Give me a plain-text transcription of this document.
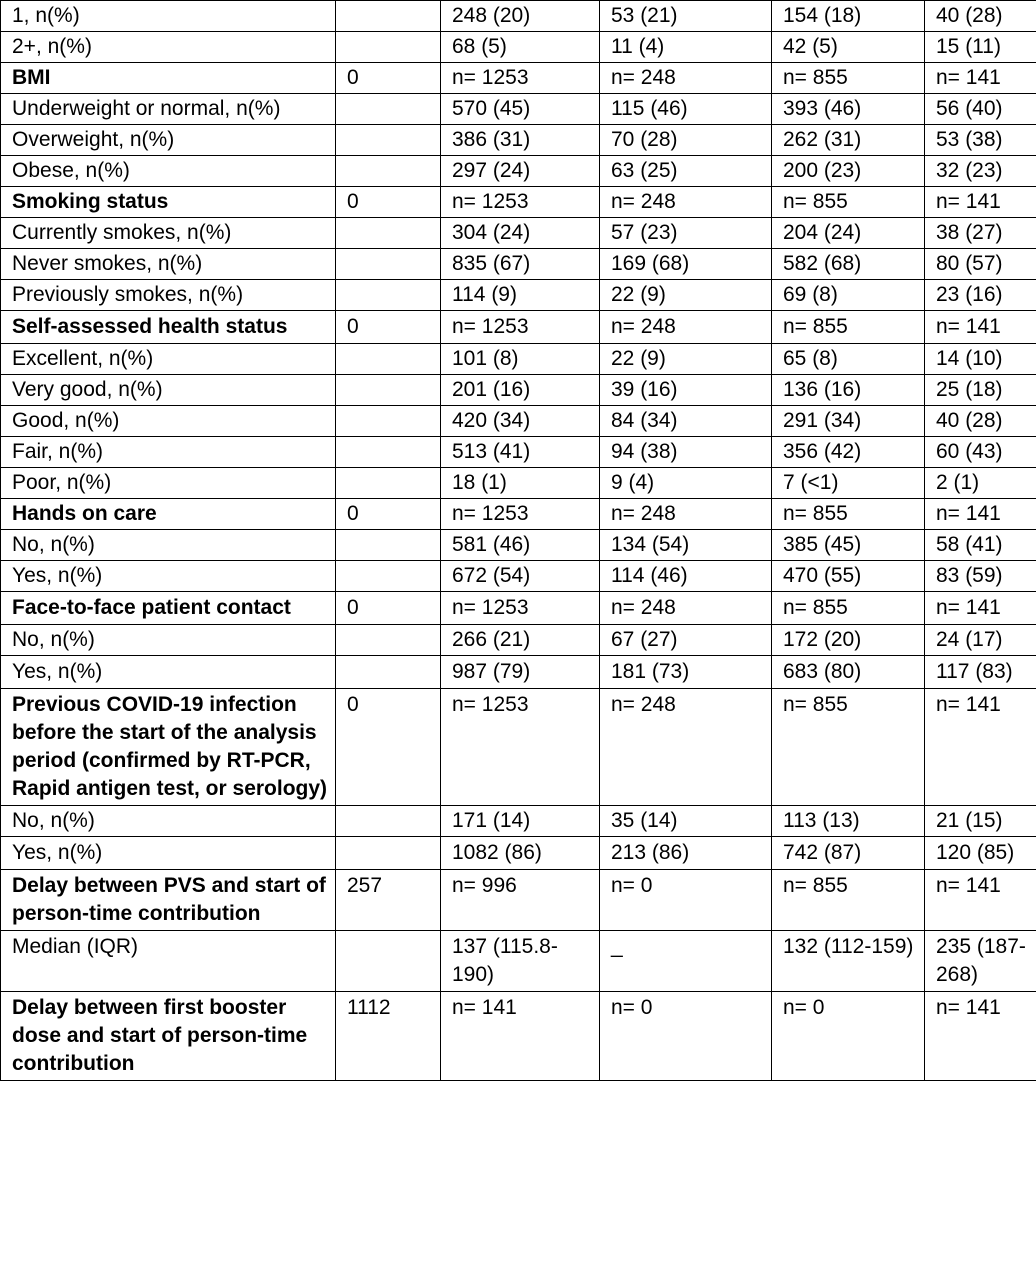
1, n(%)		248 (20)	53 (21)	154 (18)	40 (28)
2+, n(%)		68 (5)	11 (4)	42 (5)	15 (11)
BMI	0	n= 1253	n= 248	n= 855	n= 141
Underweight or normal, n(%)		570 (45)	115 (46)	393 (46)	56 (40)
Overweight, n(%)		386 (31)	70 (28)	262 (31)	53 (38)
Obese, n(%)		297 (24)	63 (25)	200 (23)	32 (23)
Smoking status	0	n= 1253	n= 248	n= 855	n= 141
Currently smokes, n(%)		304 (24)	57 (23)	204 (24)	38 (27)
Never smokes, n(%)		835 (67)	169 (68)	582 (68)	80 (57)
Previously smokes, n(%)		114 (9)	22 (9)	69 (8)	23 (16)
Self-assessed health status	0	n= 1253	n= 248	n= 855	n= 141
Excellent, n(%)		101 (8)	22 (9)	65 (8)	14 (10)
Very good, n(%)		201 (16)	39 (16)	136 (16)	25 (18)
Good, n(%)		420 (34)	84 (34)	291 (34)	40 (28)
Fair, n(%)		513 (41)	94 (38)	356 (42)	60 (43)
Poor, n(%)		18 (1)	9 (4)	7 (<1)	2 (1)
Hands on care	0	n= 1253	n= 248	n= 855	n= 141
No, n(%)		581 (46)	134 (54)	385 (45)	58 (41)
Yes, n(%)		672 (54)	114 (46)	470 (55)	83 (59)
Face-to-face patient contact	0	n= 1253	n= 248	n= 855	n= 141
No, n(%)		266 (21)	67 (27)	172 (20)	24 (17)
Yes, n(%)		987 (79)	181 (73)	683 (80)	117 (83)
Previous COVID-19 infection before the start of the analysis period (confirmed by RT-PCR, Rapid antigen test, or serology)	0	n= 1253	n= 248	n= 855	n= 141
No, n(%)		171 (14)	35 (14)	113 (13)	21 (15)
Yes, n(%)		1082 (86)	213 (86)	742 (87)	120 (85)
Delay between PVS and start of person-time contribution	257	n= 996	n= 0	n= 855	n= 141
Median (IQR)		137 (115.8-190)	_	132 (112-159)	235 (187-268)
Delay between first booster dose and start of person-time contribution	1112	n= 141	n= 0	n= 0	n= 141
